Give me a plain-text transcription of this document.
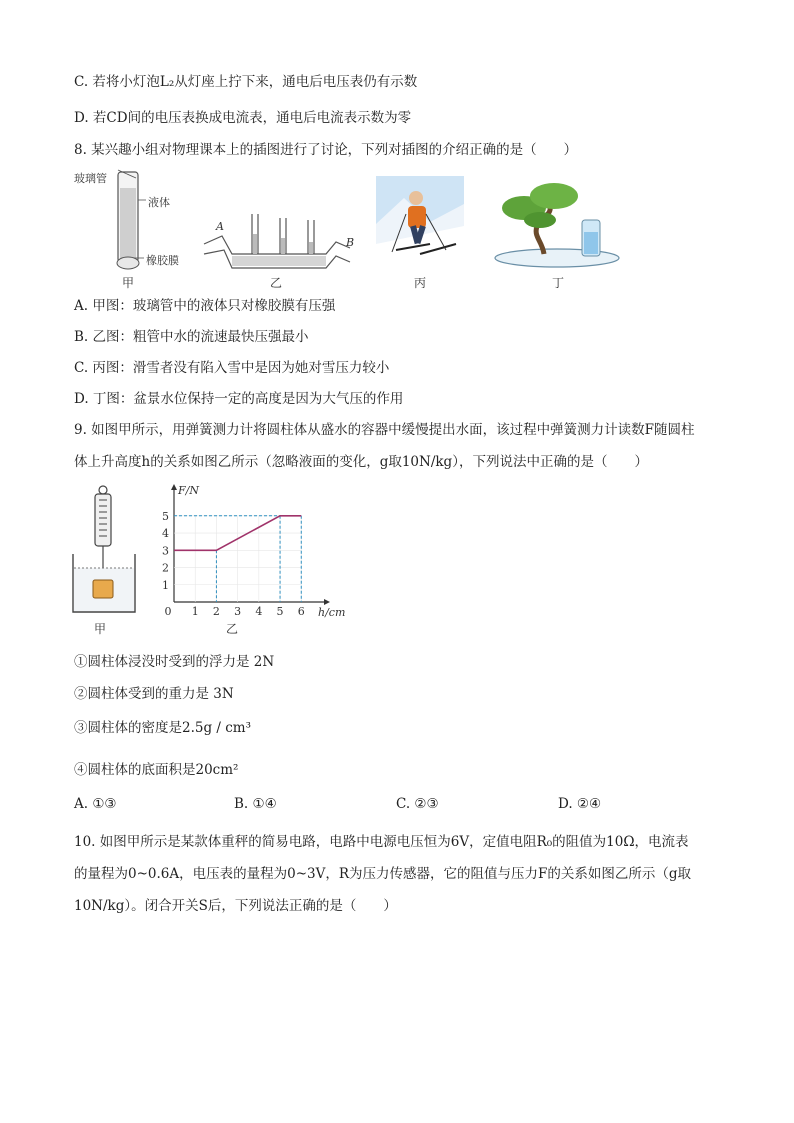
C. 若将小灯泡L₂从灯座上拧下来，通电后电压表仍有示数
D. 若CD间的电压表换成电流表，通电后电流表示数为零
8. 某兴趣小组对物理课本上的插图进行了讨论，下列对插图的介绍正确的是（　　）
玻璃管
液体
橡胶膜
甲
A
B
乙	丙	丁
A. 甲图：玻璃管中的液体只对橡胶膜有压强
B. 乙图：粗管中水的流速最快压强最小
C. 丙图：滑雪者没有陷入雪中是因为她对雪压力较小
D. 丁图：盆景水位保持一定的高度是因为大气压的作用
9. 如图甲所示，用弹簧测力计将圆柱体从盛水的容器中缓慢提出水面，该过程中弹簧测力计读数F随圆柱
体上升高度h的关系如图乙所示（忽略液面的变化，g取10N/kg），下列说法中正确的是（　　）
甲
1 2 3 4 5 6
1
2
3
4
5
0
F/N
h/cm
乙
①圆柱体浸没时受到的浮力是 2N
②圆柱体受到的重力是 3N
③圆柱体的密度是2.5g / cm³
④圆柱体的底面积是20cm²
A. ①③	B. ①④	C. ②③	D. ②④
10. 如图甲所示是某款体重秤的简易电路，电路中电源电压恒为6V，定值电阻R₀的阻值为10Ω，电流表
的量程为0~0.6A，电压表的量程为0~3V，R为压力传感器，它的阻值与压力F的关系如图乙所示（g取
10N/kg）。闭合开关S后，下列说法正确的是（　　）
